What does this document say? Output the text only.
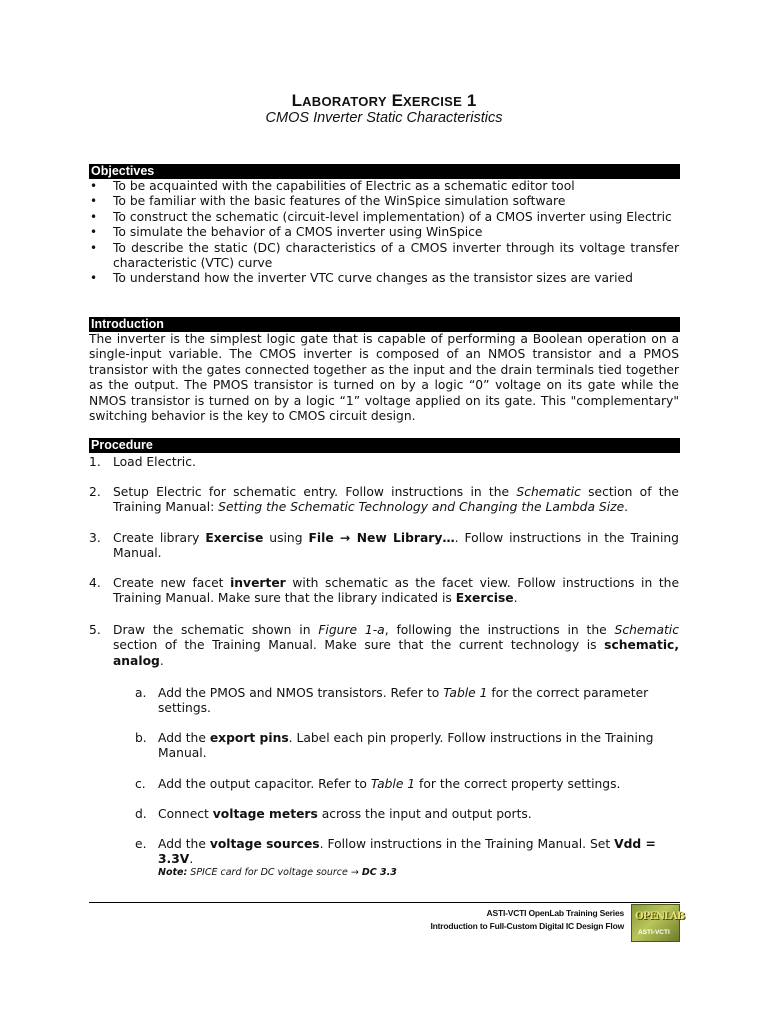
LABORATORY EXERCISE 1
CMOS Inverter Static Characteristics
Objectives
• To be acquainted with the capabilities of Electric as a schematic editor tool
• To be familiar with the basic features of the WinSpice simulation software
• To construct the schematic (circuit-level implementation) of a CMOS inverter using Electric
• To simulate the behavior of a CMOS inverter using WinSpice
• To describe the static (DC) characteristics of a CMOS inverter through its voltage transfer characteristic (VTC) curve
• To understand how the inverter VTC curve changes as the transistor sizes are varied
Introduction
The inverter is the simplest logic gate that is capable of performing a Boolean operation on a single-input variable. The CMOS inverter is composed of an NMOS transistor and a PMOS transistor with the gates connected together as the input and the drain terminals tied together as the output. The PMOS transistor is turned on by a logic “0” voltage on its gate while the NMOS transistor is turned on by a logic “1” voltage applied on its gate. This "complementary" switching behavior is the key to CMOS circuit design.
Procedure
1. Load Electric.
2. Setup Electric for schematic entry. Follow instructions in the Schematic section of the Training Manual: Setting the Schematic Technology and Changing the Lambda Size.
3. Create library Exercise using File → New Library…. Follow instructions in the Training Manual.
4. Create new facet inverter with schematic as the facet view. Follow instructions in the Training Manual. Make sure that the library indicated is Exercise.
5. Draw the schematic shown in Figure 1-a, following the instructions in the Schematic section of the Training Manual. Make sure that the current technology is schematic, analog.
a. Add the PMOS and NMOS transistors. Refer to Table 1 for the correct parameter settings.
b. Add the export pins. Label each pin properly. Follow instructions in the Training Manual.
c. Add the output capacitor. Refer to Table 1 for the correct property settings.
d. Connect voltage meters across the input and output ports.
e. Add the voltage sources. Follow instructions in the Training Manual. Set Vdd = 3.3V.
Note: SPICE card for DC voltage source → DC 3.3
ASTI-VCTI OpenLab Training Series
Introduction to Full-Custom Digital IC Design Flow
OPENLAB
ASTI-VCTI
